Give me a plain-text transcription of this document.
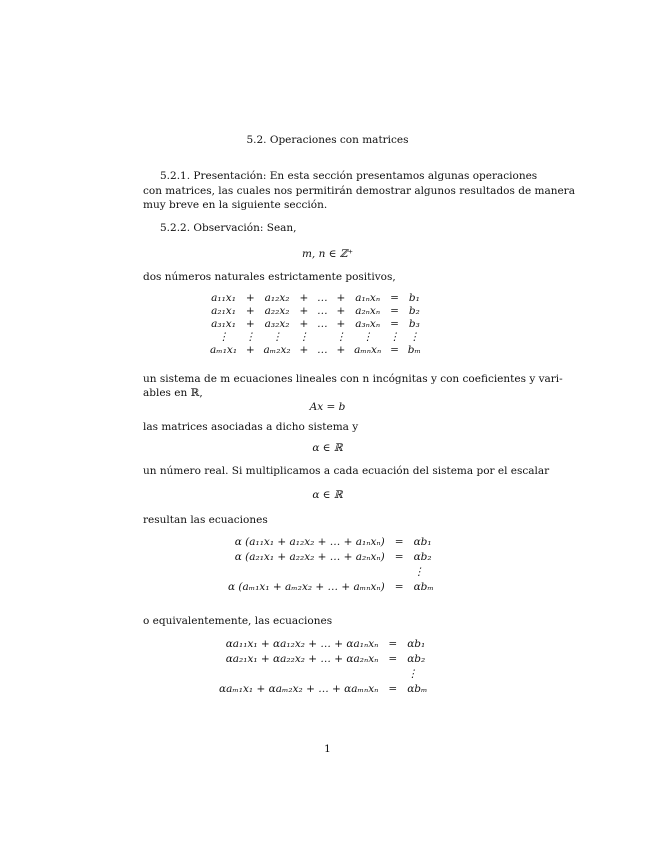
5.2. Operaciones con matrices
5.2.1. Presentación: En esta sección presentamos algunas operaciones
con matrices, las cuales nos permitirán demostrar algunos resultados de manera
muy breve en la siguiente sección.
5.2.2. Observación: Sean,
m, n ∈ ℤ⁺
dos números naturales estrictamente positivos,
a₁₁x₁	+	a₁₂x₂	+	…	+	a₁ₙxₙ	=	b₁
a₂₁x₁	+	a₂₂x₂	+	…	+	a₂ₙxₙ	=	b₂
a₃₁x₁	+	a₃₂x₂	+	…	+	a₃ₙxₙ	=	b₃
⋮	⋮	⋮	⋮		⋮	⋮	⋮	⋮
aₘ₁x₁	+	aₘ₂x₂	+	…	+	aₘₙxₙ	=	bₘ
un sistema de m ecuaciones lineales con n incógnitas y con coeficientes y vari-
ables en ℝ,
Ax = b
las matrices asociadas a dicho sistema y
α ∈ ℝ
un número real. Si multiplicamos a cada ecuación del sistema por el escalar
α ∈ ℝ
resultan las ecuaciones
α (a₁₁x₁ + a₁₂x₂ + … + a₁ₙxₙ)	=	αb₁
α (a₂₁x₁ + a₂₂x₂ + … + a₂ₙxₙ)	=	αb₂
		⋮
α (aₘ₁x₁ + aₘ₂x₂ + … + aₘₙxₙ)	=	αbₘ
o equivalentemente, las ecuaciones
αa₁₁x₁ + αa₁₂x₂ + … + αa₁ₙxₙ	=	αb₁
αa₂₁x₁ + αa₂₂x₂ + … + αa₂ₙxₙ	=	αb₂
		⋮
αaₘ₁x₁ + αaₘ₂x₂ + … + αaₘₙxₙ	=	αbₘ
1
